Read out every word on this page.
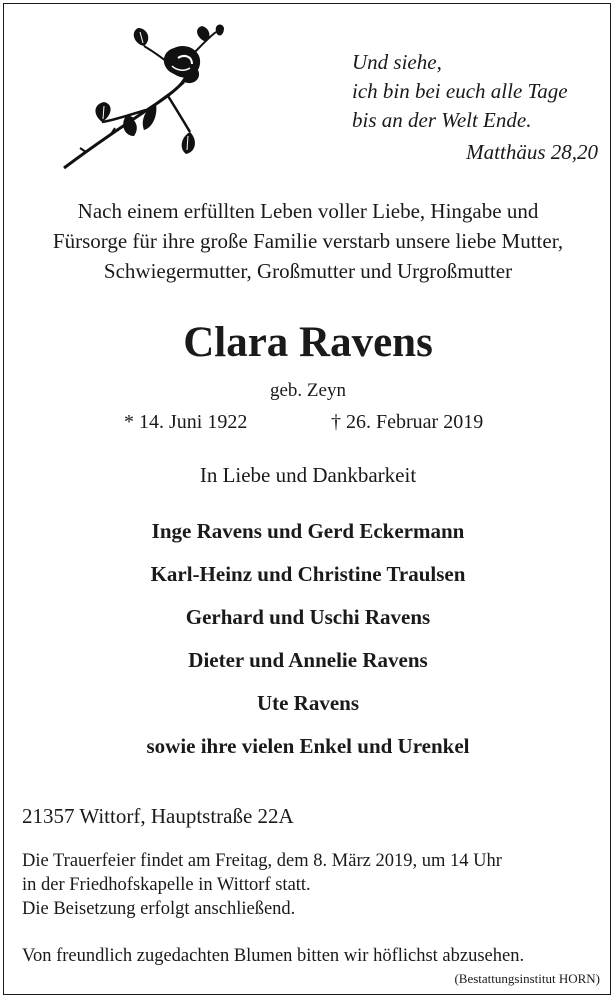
Und siehe,
ich bin bei euch alle Tage
bis an der Welt Ende.
Matthäus 28,20
Nach einem erfüllten Leben voller Liebe, Hingabe und
Fürsorge für ihre große Familie verstarb unsere liebe Mutter,
Schwiegermutter, Großmutter und Urgroßmutter
Clara Ravens
geb. Zeyn
* 14. Juni 1922	† 26. Februar 2019
In Liebe und Dankbarkeit
Inge Ravens und Gerd Eckermann
Karl-Heinz und Christine Traulsen
Gerhard und Uschi Ravens
Dieter und Annelie Ravens
Ute Ravens
sowie ihre vielen Enkel und Urenkel
21357 Wittorf, Hauptstraße 22A
Die Trauerfeier findet am Freitag, dem 8. März 2019, um 14 Uhr
in der Friedhofskapelle in Wittorf statt.
Die Beisetzung erfolgt anschließend.
Von freundlich zugedachten Blumen bitten wir höflichst abzusehen.
(Bestattungsinstitut HORN)
